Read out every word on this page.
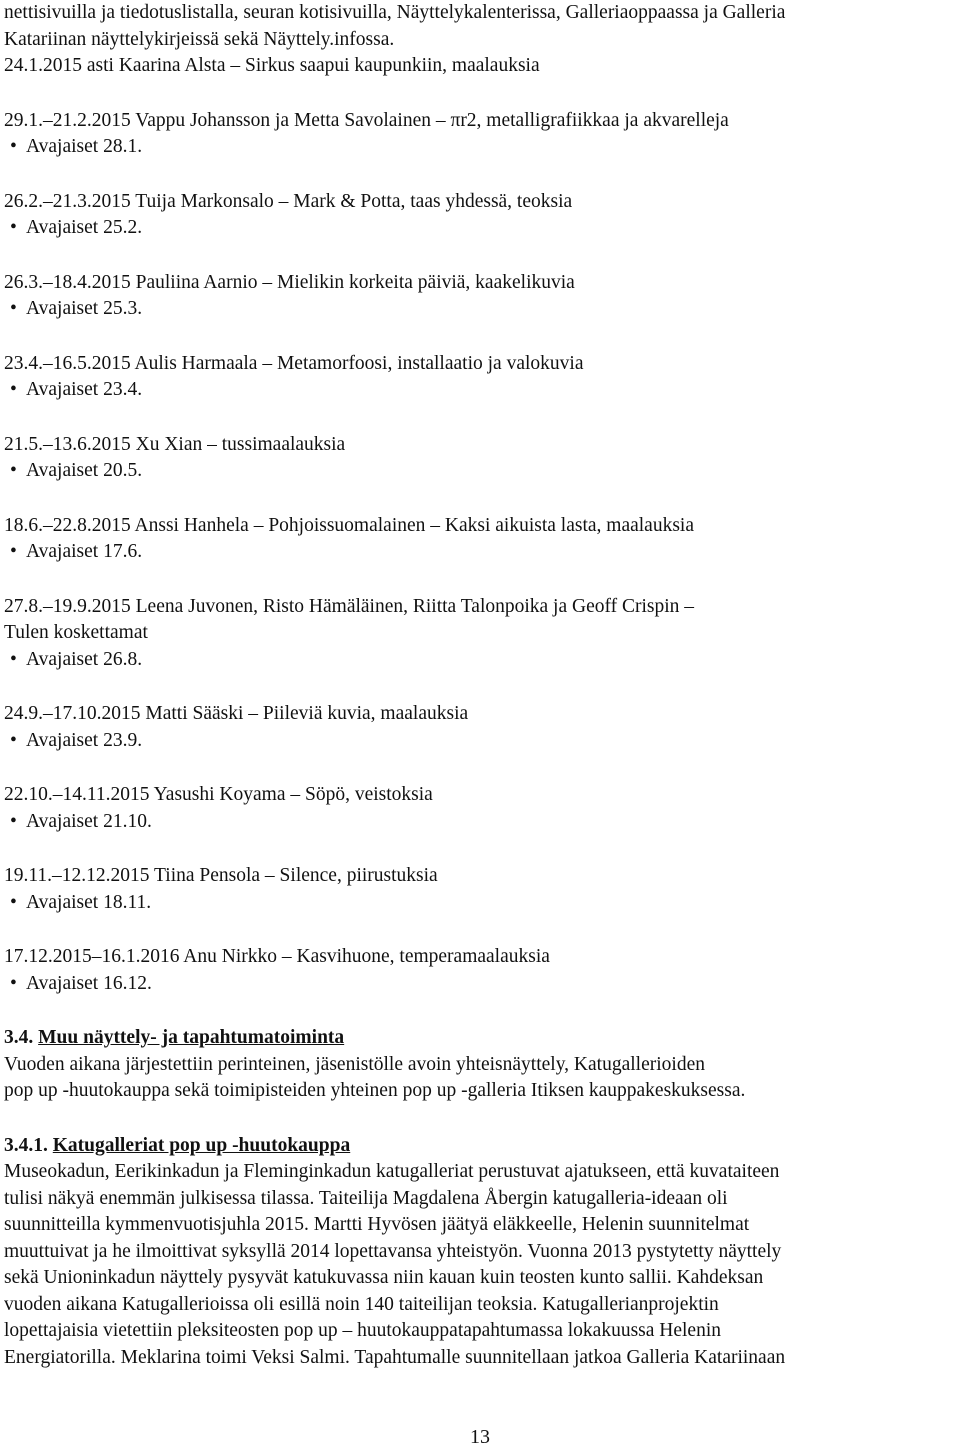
nettisivuilla ja tiedotuslistalla, seuran kotisivuilla, Näyttelykalenterissa, Galleriaoppaassa ja Galleria

Katariinan näyttelykirjeissä sekä Näyttely.infossa.

24.1.2015 asti Kaarina Alsta – Sirkus saapui kaupunkiin, maalauksia

29.1.–21.2.2015 Vappu Johansson ja Metta Savolainen – πr2, metalligrafiikkaa ja akvarelleja

• Avajaiset 28.1.

26.2.–21.3.2015 Tuija Markonsalo – Mark & Potta, taas yhdessä, teoksia

• Avajaiset 25.2.

26.3.–18.4.2015 Pauliina Aarnio – Mielikin korkeita päiviä, kaakelikuvia

• Avajaiset 25.3.

23.4.–16.5.2015 Aulis Harmaala – Metamorfoosi, installaatio ja valokuvia

• Avajaiset 23.4.

21.5.–13.6.2015 Xu Xian – tussimaalauksia

• Avajaiset 20.5.

18.6.–22.8.2015 Anssi Hanhela – Pohjoissuomalainen – Kaksi aikuista lasta, maalauksia

• Avajaiset 17.6.

27.8.–19.9.2015 Leena Juvonen, Risto Hämäläinen, Riitta Talonpoika ja Geoff Crispin –

Tulen koskettamat

• Avajaiset 26.8.

24.9.–17.10.2015 Matti Sääski – Piileviä kuvia, maalauksia

• Avajaiset 23.9.

22.10.–14.11.2015 Yasushi Koyama – Söpö, veistoksia

• Avajaiset 21.10.

19.11.–12.12.2015 Tiina Pensola – Silence, piirustuksia

• Avajaiset 18.11.

17.12.2015–16.1.2016 Anu Nirkko – Kasvihuone, temperamaalauksia

• Avajaiset 16.12.

3.4. Muu näyttely- ja tapahtumatoiminta

Vuoden aikana järjestettiin perinteinen, jäsenistölle avoin yhteisnäyttely, Katugallerioiden

pop up -huutokauppa sekä toimipisteiden yhteinen pop up -galleria Itiksen kauppakeskuksessa.

3.4.1. Katugalleriat pop up -huutokauppa

Museokadun, Eerikinkadun ja Fleminginkadun katugalleriat perustuvat ajatukseen, että kuvataiteen

tulisi näkyä enemmän julkisessa tilassa. Taiteilija Magdalena Åbergin katugalleria-ideaan oli

suunnitteilla kymmenvuotisjuhla 2015. Martti Hyvösen jäätyä eläkkeelle, Helenin suunnitelmat

muuttuivat ja he ilmoittivat syksyllä 2014 lopettavansa yhteistyön. Vuonna 2013 pystytetty näyttely

sekä Unioninkadun näyttely pysyvät katukuvassa niin kauan kuin teosten kunto sallii. Kahdeksan

vuoden aikana Katugallerioissa oli esillä noin 140 taiteilijan teoksia. Katugallerianprojektin

lopettajaisia vietettiin pleksiteosten pop up – huutokauppatapahtumassa lokakuussa Helenin

Energiatorilla. Meklarina toimi Veksi Salmi. Tapahtumalle suunnitellaan jatkoa Galleria Katariinaan

13
